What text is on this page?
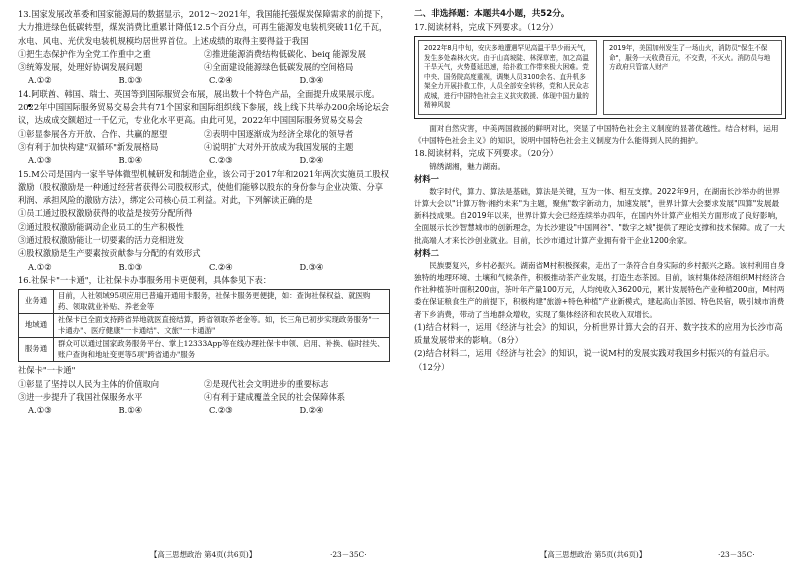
13.国家发展改革委和国家能源局的数据显示，2012～2021年，我国能托强煤炭保障需求的前提下，大力推进绿色低碳转型，煤炭消费比重累计降低12.5个百分点，可再生能源发电装机突破11亿千瓦，水电、风电、光伏发电装机规模均居世界首位。上述成绩的取得主要得益于我国
①把生态保护作为全党工作重中之重	②推进能源消费结构低碳化、beiq 能源发展
③统筹发展，处理好协调发展问题	④全面建设能源绿色低碳发展的空间格局
A.①②	B.①③	C.②④	D.③④
14.阿联酋、韩国、瑞士、英国等到国际服贸会布展，展出数十个特色产品，全面提升成果展示度。2022年中国国际服务贸易交易会共有71个国家和国际组织线下参展，线上线下共举办200余场论坛会议，达成成交额超过一千亿元，专业化水平更高。由此可见，2022年中国国际服务贸易交易会
①彰显参展各方开放、合作、共赢的愿望	②表明中国逐渐成为经济全球化的领导者
③有利于加快构建"双循环"新发展格局	④说明扩大对外开放成为我国发展的主题
A.①③	B.①④	C.②③	D.②④
15.M公司是国内一家半导体微型机械研发和制造企业，该公司于2017年和2021年两次实施员工股权激励（股权激励是一种通过经营者获得公司股权形式，使他们能够以股东的身份参与企业决策、分享利润、承担风险的激励方法），绑定公司核心员工利益。对此，下列解读正确的是
①员工通过股权激励获得的收益是按劳分配所得
②通过股权激励能调动企业员工的生产积极性
③通过股权激励能让一切要素的活力竞相迸发
④股权激励是生产要素按贡献参与分配的有效形式
A.①②	B.①③	C.②④	D.③④
16.社保卡"一卡通"，让社保卡办事服务用卡更便利，具体参见下表：
业务通	目前，人社领域95项应用已普遍开通用卡服务，社保卡服务更便捷，如：查询社保权益、就医购药、领取就业补贴、养老金等
地域通	社保卡已全面支持跨省异地就医直接结算，跨省领取养老金等。如，长三角已初步实现政务服务"一卡通办"、医疗健康"一卡通结"、文旅"一卡通游"
服务通	群众可以通过国家政务服务平台、掌上12333App等在线办理社保卡申领、启用、补换、临时挂失、账户查询和地址变更等5项"跨省通办"服务
社保卡"一卡通"
①彰显了坚持以人民为主体的价值取向	②是现代社会文明进步的重要标志
③进一步提升了我国社保服务水平	④有利于建成覆盖全民的社会保障体系
A.①③	B.①④	C.②③	D.②④
【高三思想政治 第4页(共6页)】	·23－35C·
二、非选择题：本题共4小题，共52分。
17.阅读材料，完成下列要求。（12分）
2022年8月中旬，安庆多地遭遇罕见高温干旱少雨天气，发生多处森林火灾。由于山高坡陡、林深草密，加之高温干旱天气，火势蔓延迅速，给扑救工作带来极大困难。党中央、国务院高度重视，调集人员3100余名、直升机多架全力开展扑救工作，人员全部安全转移，党和人民众志成城，进行中国特色社会主义抗灾救援、体现中国力量的精神风貌
2019年，美国加州发生了一场山火，消防员"保生不保命"，服务一天收费百元，不交费，不灭火。消防员与地方政府只管富人财产
面对自然灾害，中美两国救援的鲜明对比，突显了中国特色社会主义制度的显著优越性。结合材料，运用《中国特色社会主义》的知识，说明中国特色社会主义制度为什么能得到人民的拥护。
18.阅读材料，完成下列要求。（20分）
锦绣湖湘，魅力湖南。
材料一
数字时代，算力、算法是基础，算法是关键，互为一体、相互支撑。2022年9月，在湖南长沙举办的世界计算大会以"计算万物·湘约未来"为主题，聚焦"数字新动力，加速发展"，世界计算大会要求发展"四算"发展最新科技成果。自2019年以来，世界计算大会已经连续举办四年，在国内外计算产业相关方面形成了良好影响，全面展示长沙智慧城市的创新理念，为长沙建设"中国网谷"、"数字之城"提供了理论支撑和技术保障。成了一大批高端人才来长沙创业就业。目前，长沙市通过计算产业拥有骨干企业1200余家。
材料二
民族要复兴，乡村必振兴。湖南省M村积极探索，走出了一条符合自身实际的乡村振兴之路。该村利用自身独特的地理环境、土壤和气候条件，积极推动茶产业发展，打造生态茶园。目前，该村集体经济组织M村经济合作社种植茶叶面积200亩，茶叶年产量100万元，人均纯收入36200元，累计发展特色产业种植200亩，M村两委在保证粮食生产的前提下，积极构建"旅游+特色种植"产业新模式，建起高山茶园、特色民宿，吸引城市消费者下乡消费，带动了当地群众增收，实现了集体经济和农民收入双增长。
(1)结合材料一，运用《经济与社会》的知识，分析世界计算大会的召开、数字技术的应用为长沙市高质量发展带来的影响。（8分）
(2)结合材料二，运用《经济与社会》的知识，说一说M村的发展实践对我国乡村振兴的有益启示。（12分）
【高三思想政治 第5页(共6页)】	·23－35C·
